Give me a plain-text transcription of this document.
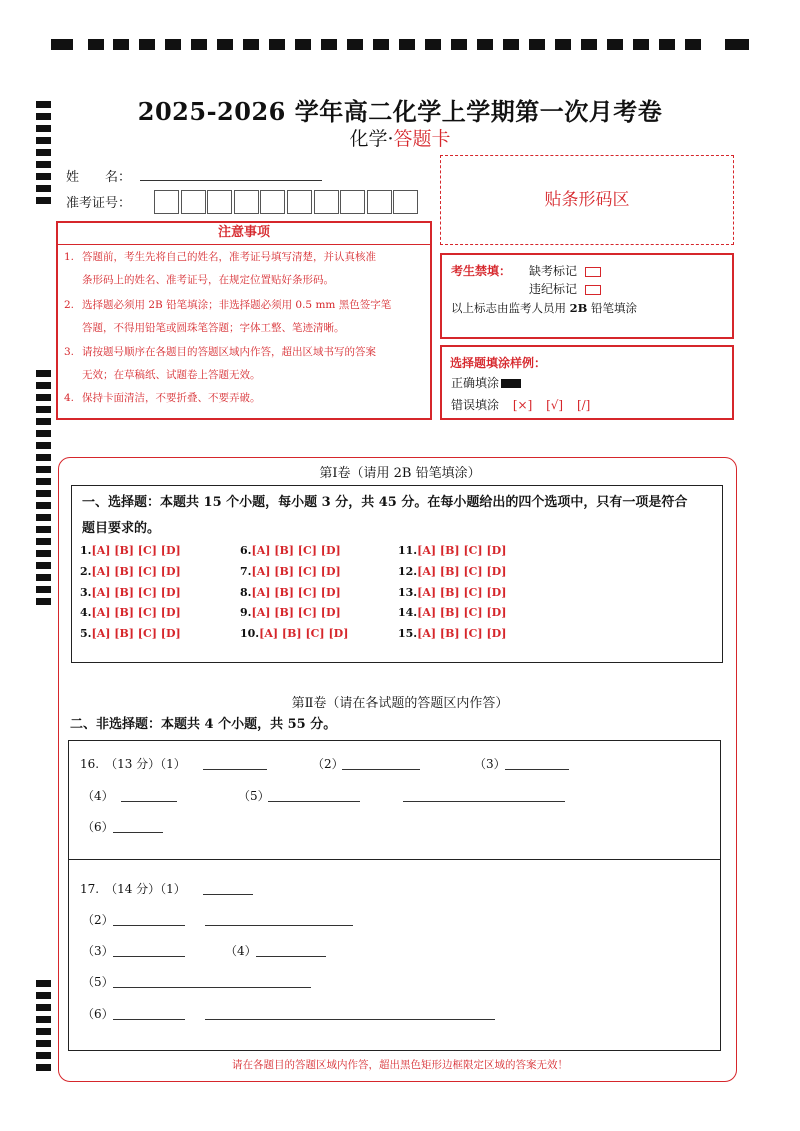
2025-2026 学年高二化学上学期第一次月考卷
化学·答题卡
姓　　名：
准考证号：	贴条形码区
注意事项
1. 答题前，考生先将自己的姓名，准考证号填写清楚，并认真核准
条形码上的姓名、准考证号，在规定位置贴好条形码。
2. 选择题必须用 2B 铅笔填涂；非选择题必须用 0.5 mm 黑色签字笔
答题，不得用铅笔或圆珠笔答题；字体工整、笔迹清晰。
3. 请按题号顺序在各题目的答题区域内作答，超出区域书写的答案
无效；在草稿纸、试题卷上答题无效。
4. 保持卡面清洁，不要折叠、不要弄破。
考生禁填： 缺考标记
违纪标记
以上标志由监考人员用 2B 铅笔填涂
选择题填涂样例：
正确填涂
错误填涂 [×] [√] [/]
第Ⅰ卷（请用 2B 铅笔填涂）
一、选择题：本题共 15 个小题，每小题 3 分，共 45 分。在每小题给出的四个选项中，只有一项是符合
题目要求的。
1.[A] [B] [C] [D]
2.[A] [B] [C] [D]
3.[A] [B] [C] [D]
4.[A] [B] [C] [D]
5.[A] [B] [C] [D]
6.[A] [B] [C] [D]
7.[A] [B] [C] [D]
8.[A] [B] [C] [D]
9.[A] [B] [C] [D]
10.[A] [B] [C] [D]
11.[A] [B] [C] [D]
12.[A] [B] [C] [D]
13.[A] [B] [C] [D]
14.[A] [B] [C] [D]
15.[A] [B] [C] [D]
第Ⅱ卷（请在各试题的答题区内作答）
二、非选择题：本题共 4 个小题，共 55 分。
16.　（13 分）（1）	（2）	（3）
（4）	（5）
（6）
17.　（14 分）（1）
（2）
（3）	（4）
（5）
（6）
请在各题目的答题区域内作答，超出黑色矩形边框限定区域的答案无效！
